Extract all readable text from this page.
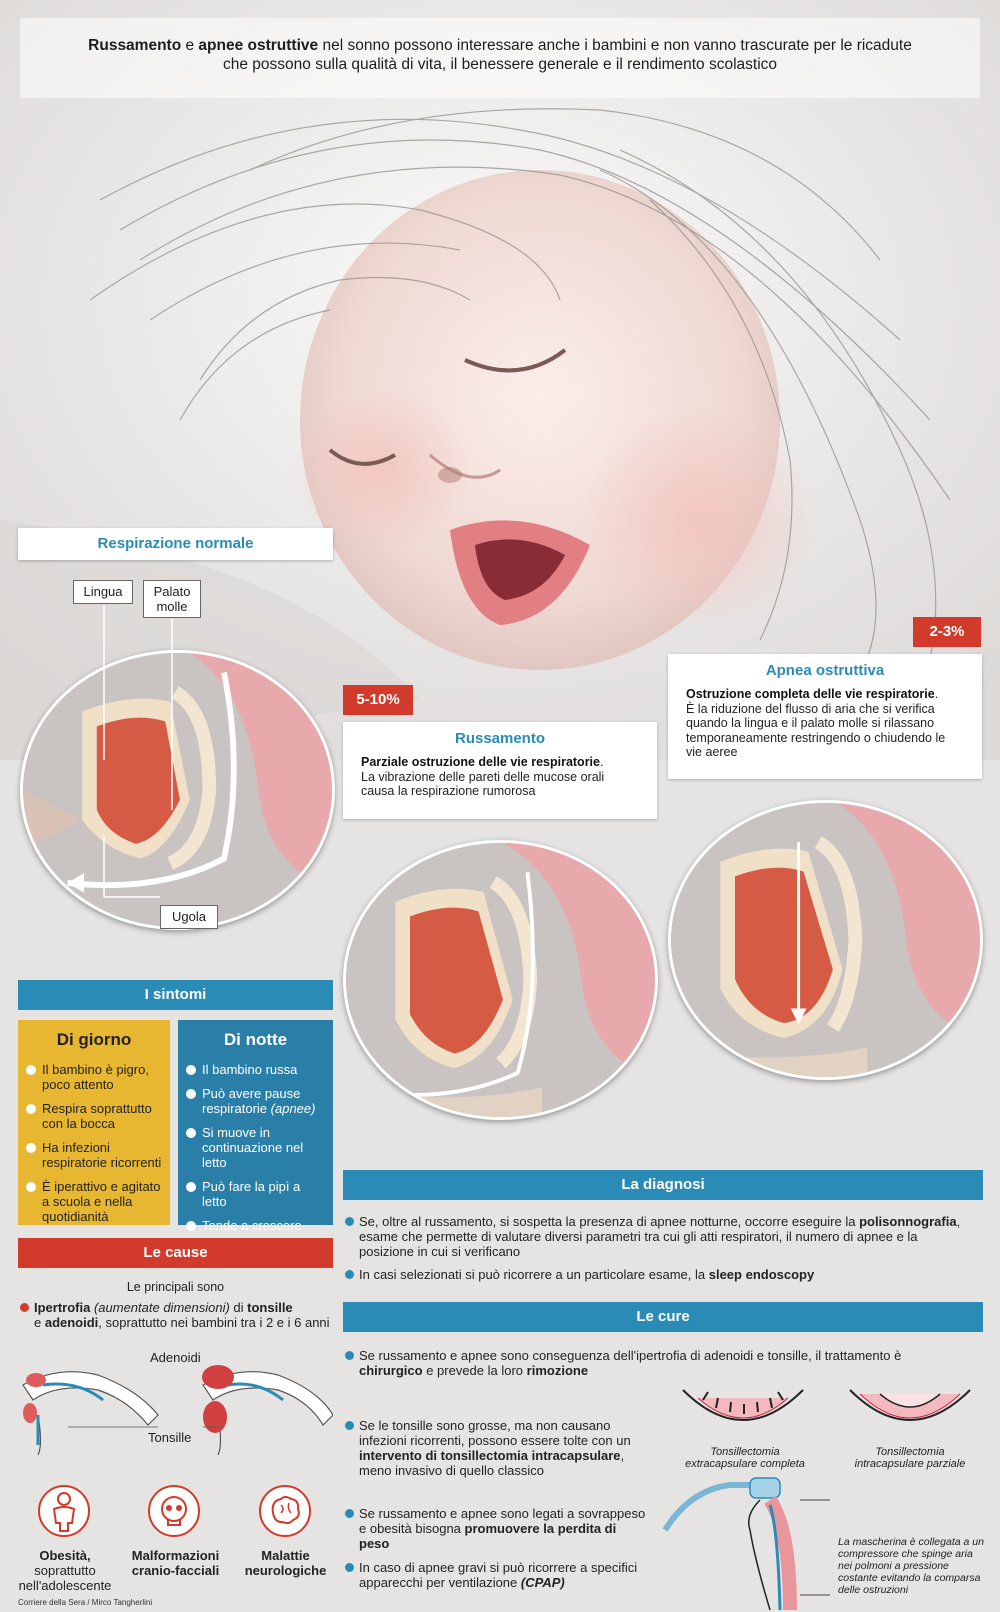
Russamento e apnee ostruttive nel sonno possono interessare anche i bambini e non vanno trascurate per le ricadute
che possono sulla qualità di vita, il benessere generale e il rendimento scolastico
Respirazione normale
Lingua	Palato molle
Ugola
5-10%
Russamento
Parziale ostruzione delle vie respiratorie.
La vibrazione delle pareti delle mucose orali causa la respirazione rumorosa
2-3%
Apnea ostruttiva
Ostruzione completa delle vie respiratorie.
È la riduzione del flusso di aria che si verifica quando la lingua e il palato molle si rilassano temporaneamente restringendo o chiudendo le vie aeree
I sintomi
Di giorno
Il bambino è pigro, poco attento
Respira soprattutto con la bocca
Ha infezioni respiratorie ricorrenti
È iperattivo e agitato a scuola e nella quotidianità
Di notte
Il bambino russa
Può avere pause respiratorie (apnee)
Si muove in continuazione nel letto
Può fare la pipì a letto
Tende a crescere
Le cause
Le principali sono
Ipertrofia (aumentate dimensioni) di tonsille
e adenoidi, soprattutto nei bambini tra i 2 e i 6 anni
Adenoidi
Tonsille
Obesità,
soprattutto nell'adolescente
Malformazioni cranio-facciali
Malattie neurologiche
Corriere della Sera / Mirco Tangherlini
La diagnosi
Se, oltre al russamento, si sospetta la presenza di apnee notturne, occorre eseguire la polisonnografia, esame che permette di valutare diversi parametri tra cui gli atti respiratori, il numero di apnee e la posizione in cui si verificano
In casi selezionati si può ricorrere a un particolare esame, la sleep endoscopy
Le cure
Se russamento e apnee sono conseguenza dell'ipertrofia di adenoidi e tonsille, il trattamento è chirurgico e prevede la loro rimozione
Se le tonsille sono grosse, ma non causano infezioni ricorrenti, possono essere tolte con un intervento di tonsillectomia intracapsulare, meno invasivo di quello classico
Se russamento e apnee sono legati a sovrappeso e obesità bisogna promuovere la perdita di peso
In caso di apnee gravi si può ricorrere a specifici apparecchi per ventilazione (CPAP)
Tonsillectomia extracapsulare completa
Tonsillectomia intracapsulare parziale
La mascherina è collegata a un compressore che spinge aria nei polmoni a pressione costante evitando la comparsa delle ostruzioni
